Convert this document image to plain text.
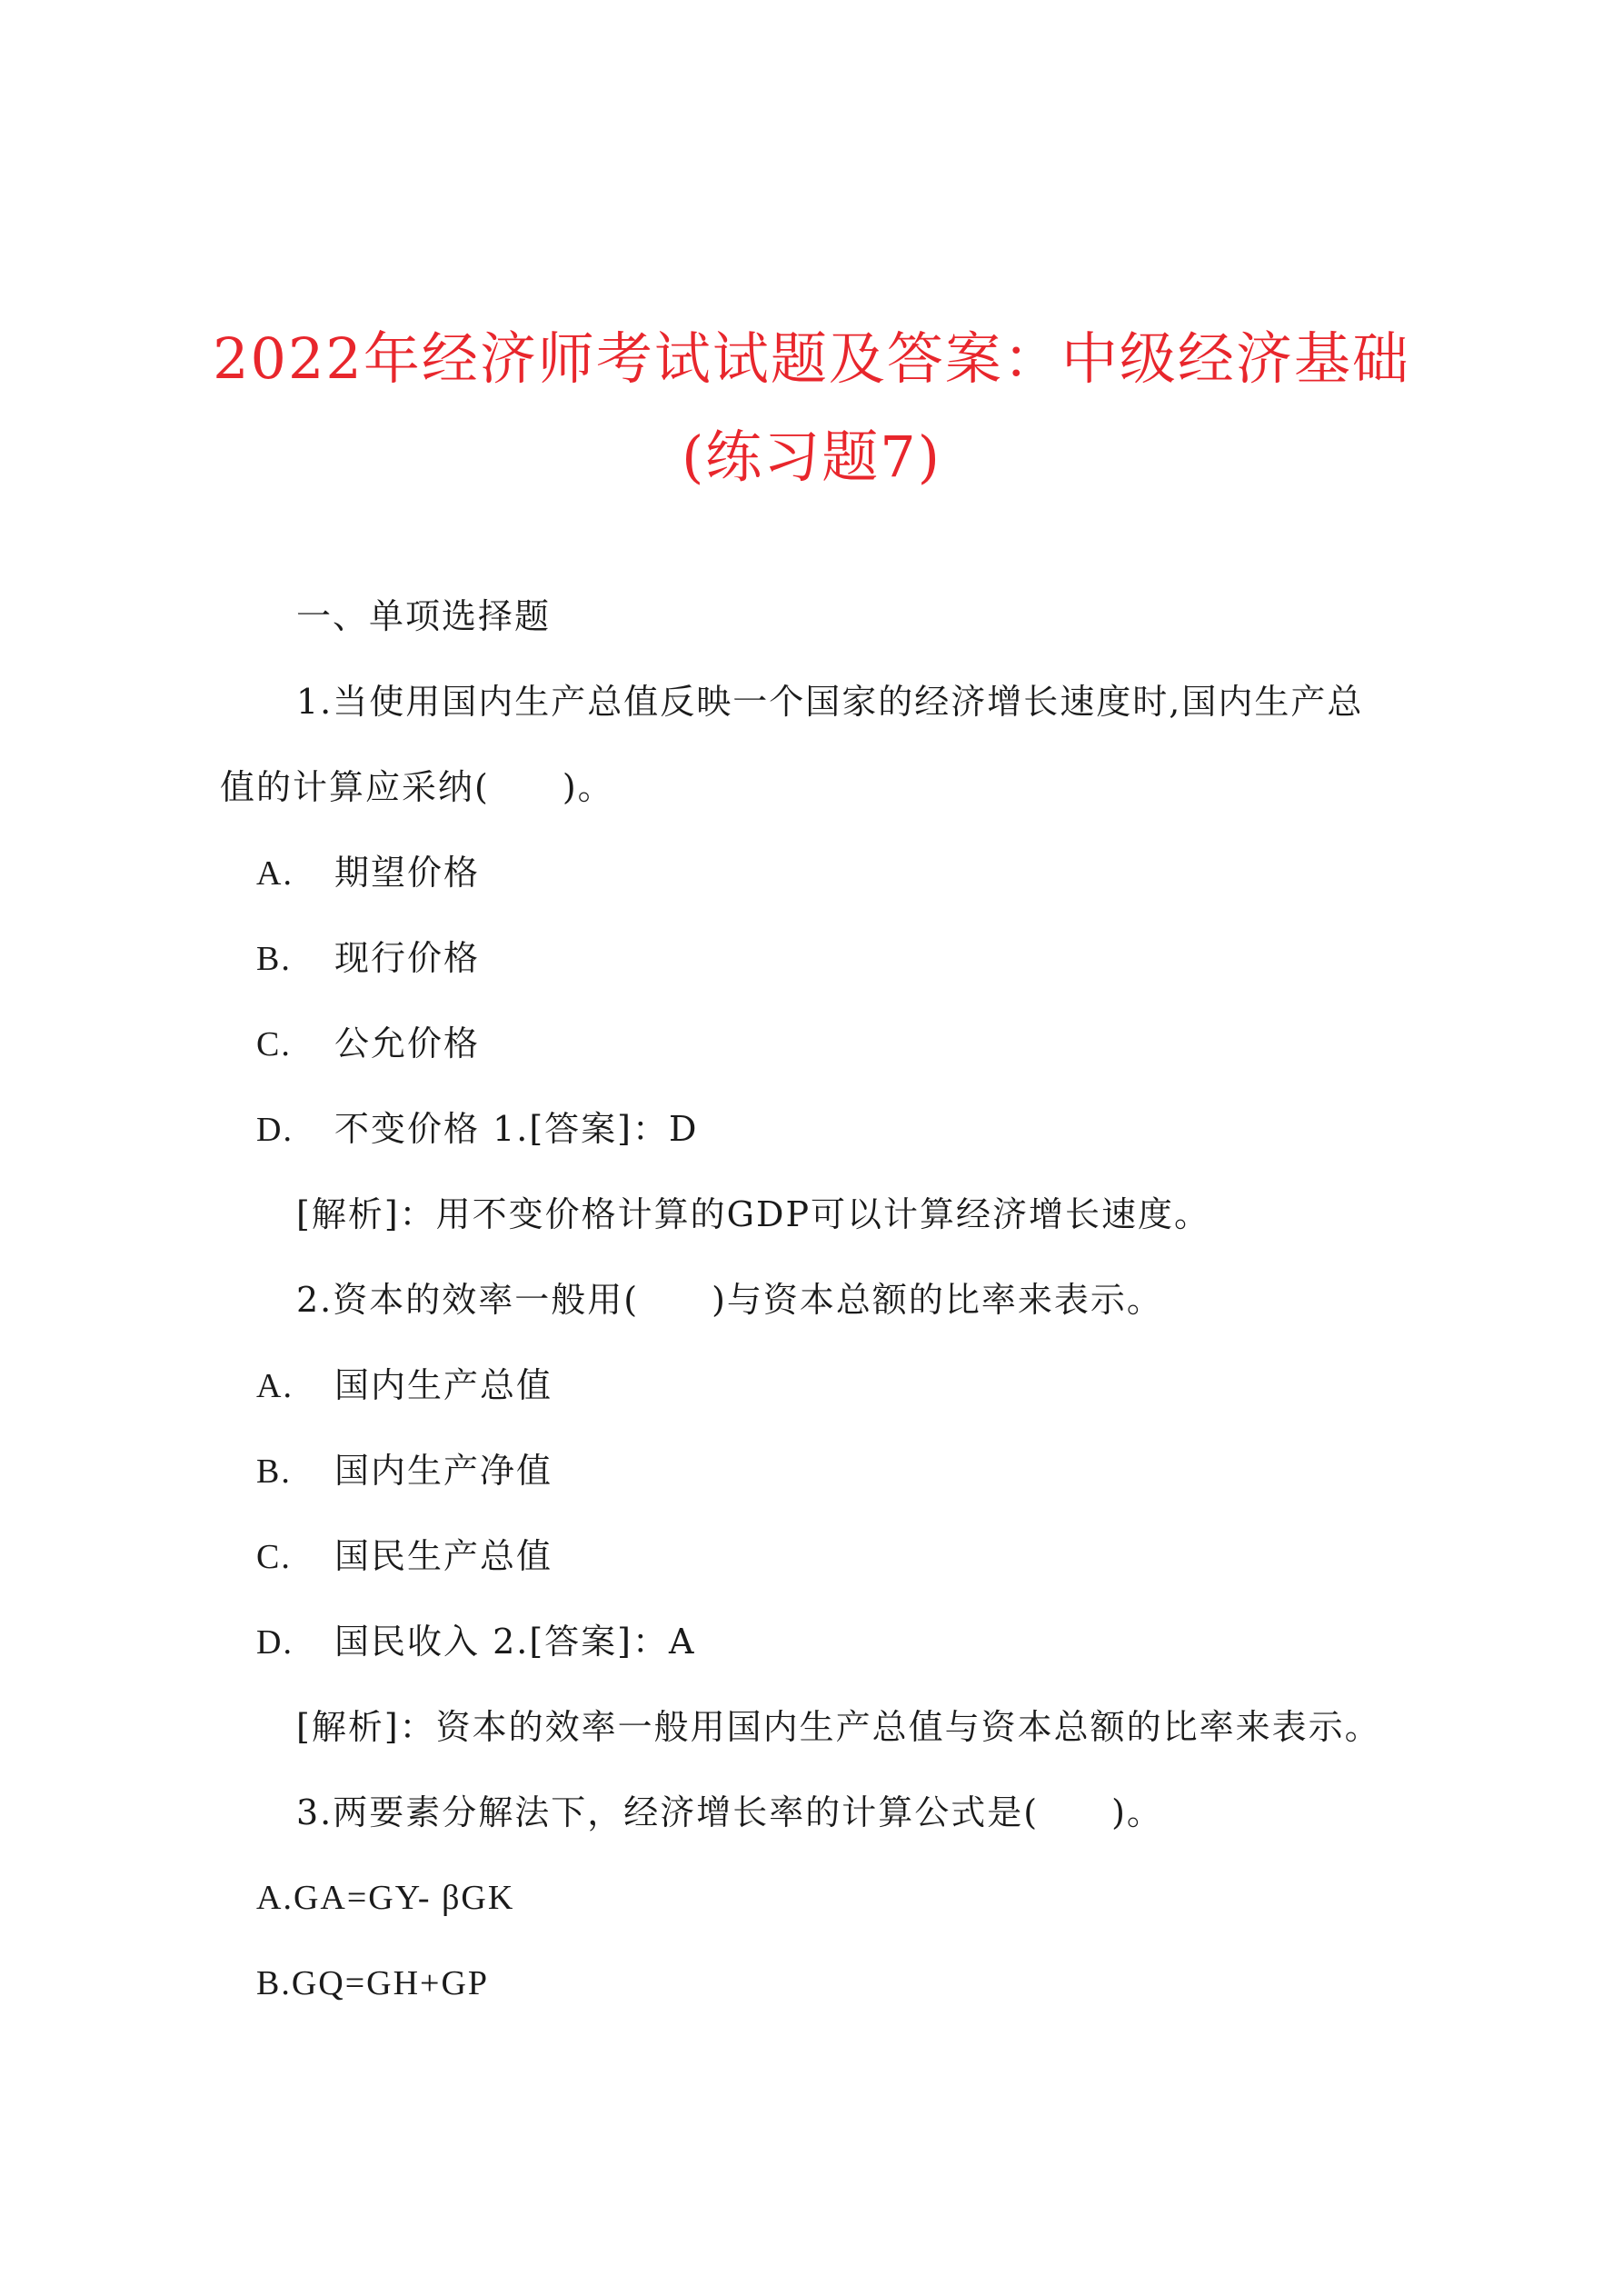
2022年经济师考试试题及答案：中级经济基础
(练习题7)
一、单项选择题
1.当使用国内生产总值反映一个国家的经济增长速度时,国内生产总
值的计算应采纳(　　)。
A. 期望价格
B. 现行价格
C. 公允价格
D. 不变价格 1.[答案]：D
[解析]：用不变价格计算的GDP可以计算经济增长速度。
2.资本的效率一般用(　　)与资本总额的比率来表示。
A. 国内生产总值
B. 国内生产净值
C. 国民生产总值
D. 国民收入 2.[答案]：A
[解析]：资本的效率一般用国内生产总值与资本总额的比率来表示。
3.两要素分解法下，经济增长率的计算公式是(　　)。
A.GA=GY- βGK
B.GQ=GH+GP
